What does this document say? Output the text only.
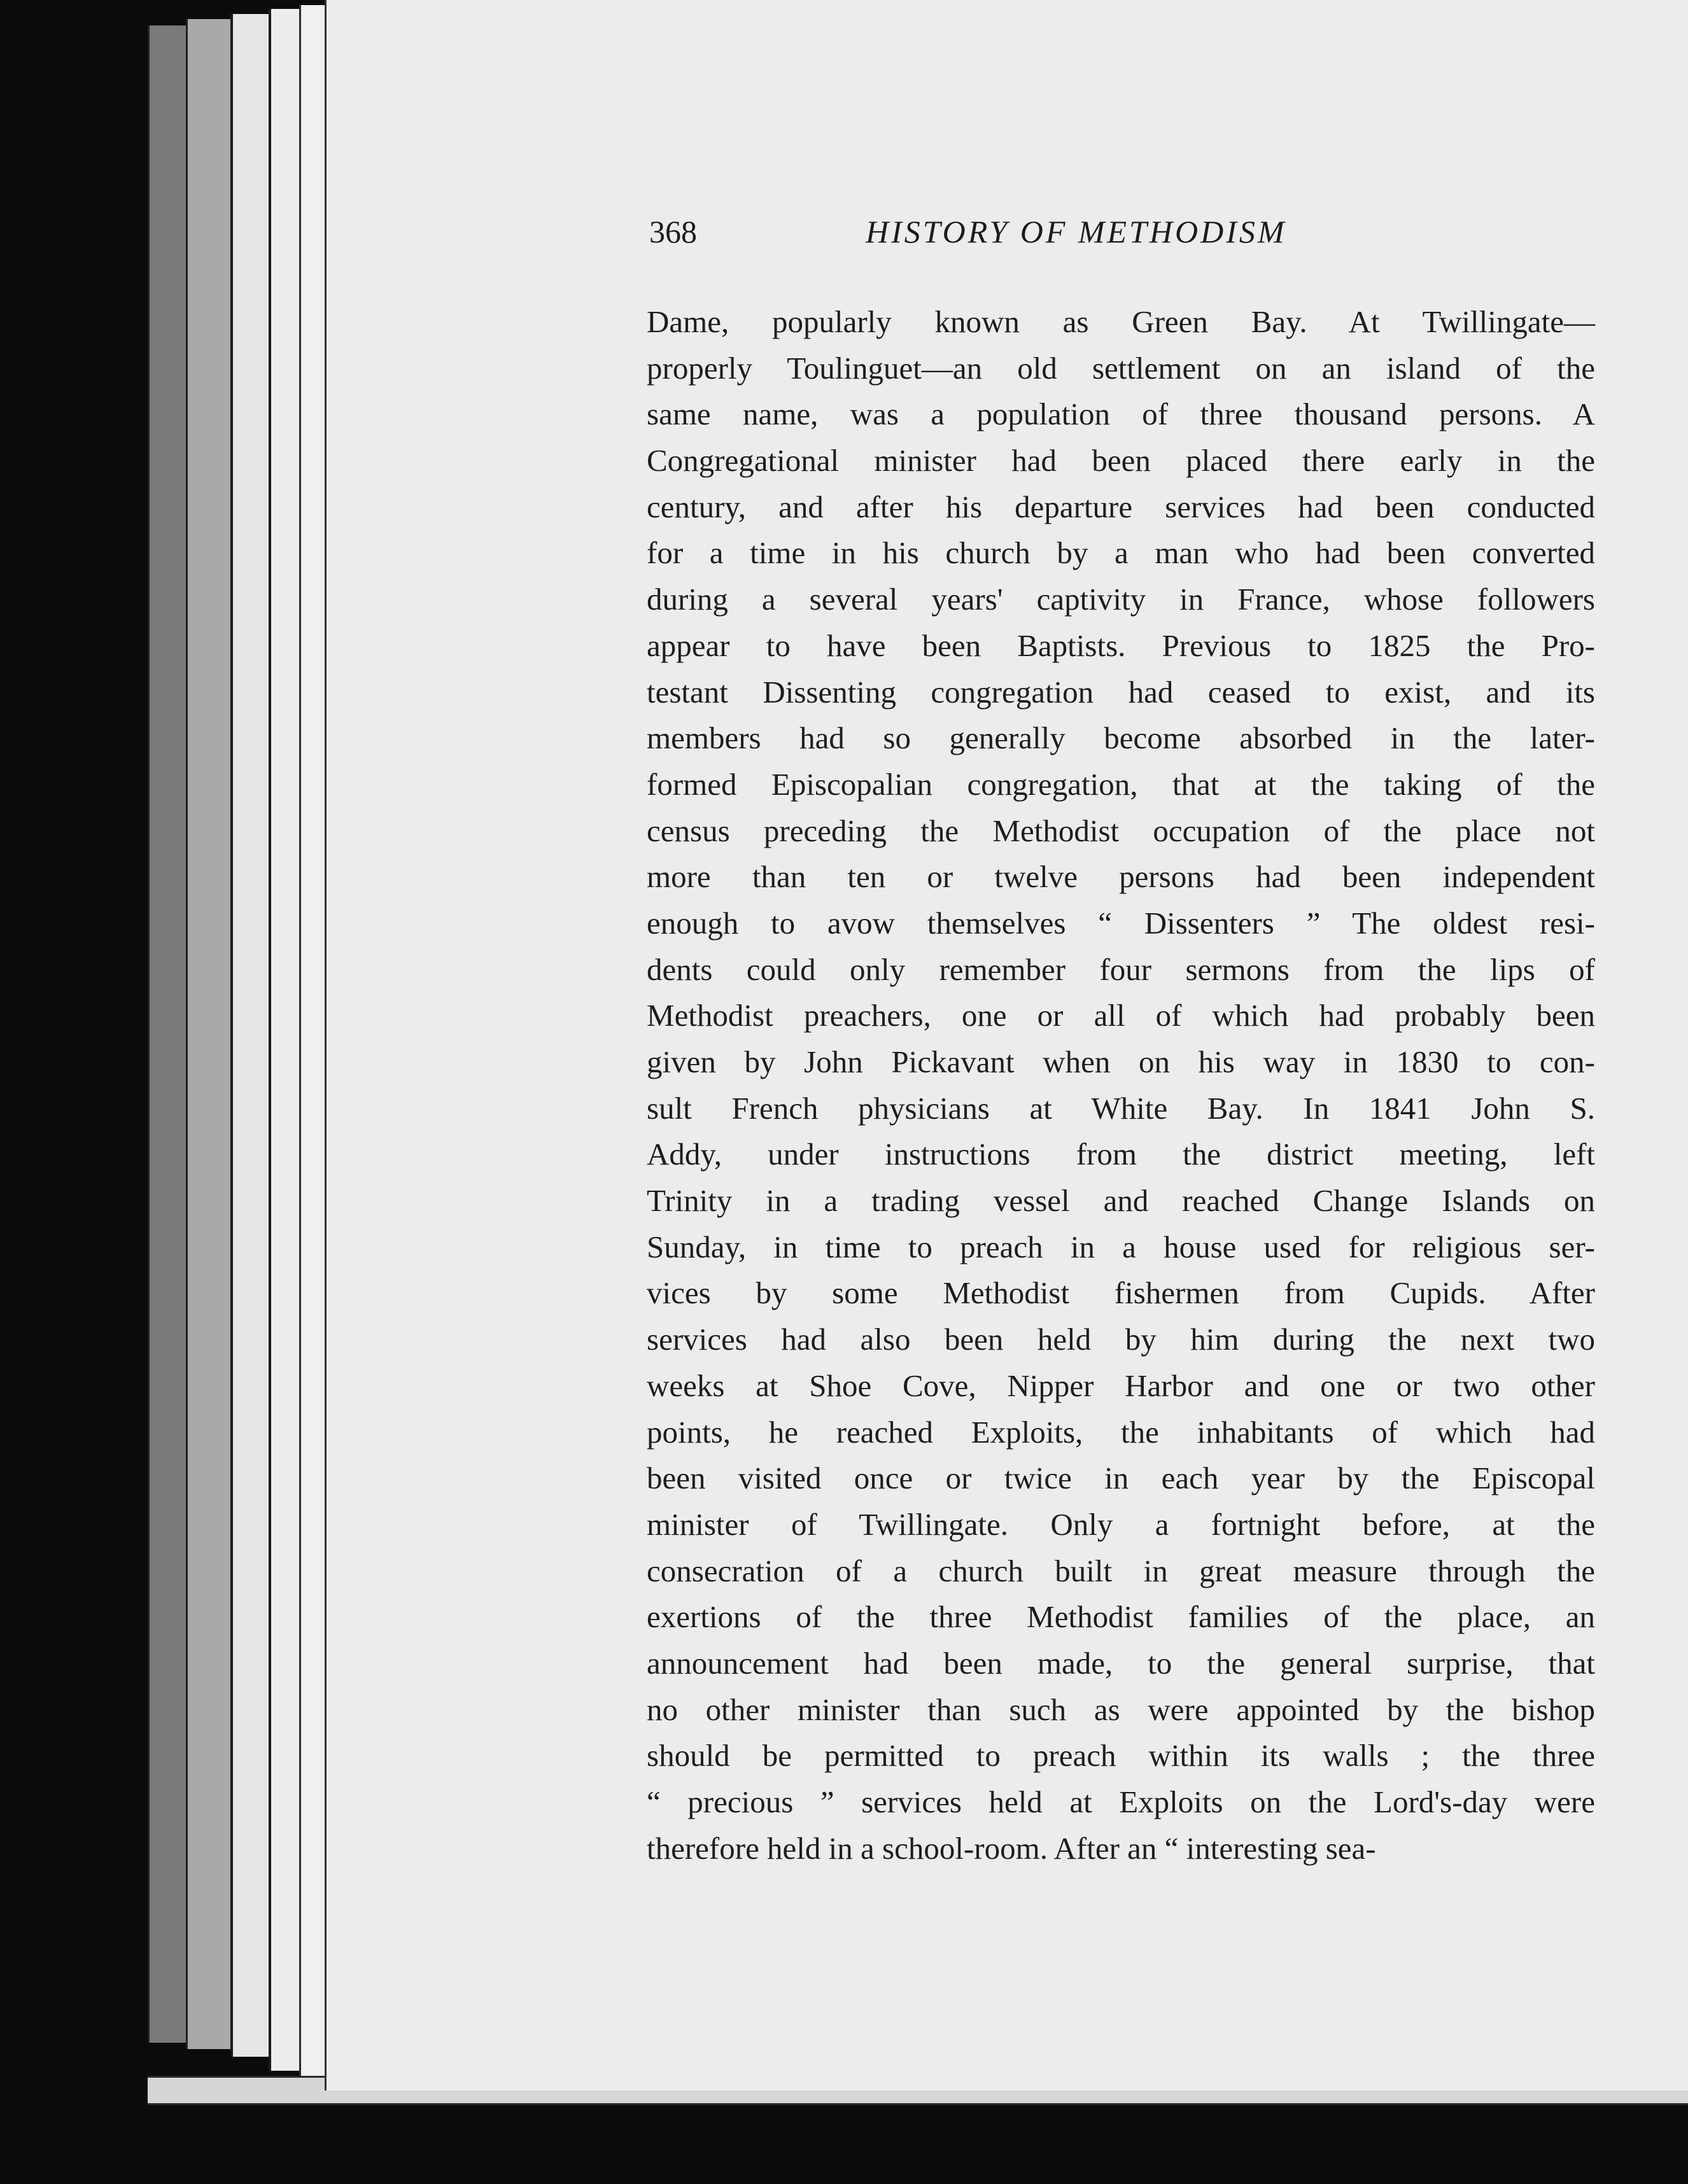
368	HISTORY OF METHODISM
Dame, popularly known as Green Bay. At Twillingate—
properly Toulinguet—an old settlement on an island of the
same name, was a population of three thousand persons. A
Congregational minister had been placed there early in the
century, and after his departure services had been conducted
for a time in his church by a man who had been converted
during a several years' captivity in France, whose followers
appear to have been Baptists. Previous to 1825 the Pro-
testant Dissenting congregation had ceased to exist, and its
members had so generally become absorbed in the later-
formed Episcopalian congregation, that at the taking of the
census preceding the Methodist occupation of the place not
more than ten or twelve persons had been independent
enough to avow themselves “ Dissenters ” The oldest resi-
dents could only remember four sermons from the lips of
Methodist preachers, one or all of which had probably been
given by John Pickavant when on his way in 1830 to con-
sult French physicians at White Bay. In 1841 John S.
Addy, under instructions from the district meeting, left
Trinity in a trading vessel and reached Change Islands on
Sunday, in time to preach in a house used for religious ser-
vices by some Methodist fishermen from Cupids. After
services had also been held by him during the next two
weeks at Shoe Cove, Nipper Harbor and one or two other
points, he reached Exploits, the inhabitants of which had
been visited once or twice in each year by the Episcopal
minister of Twillingate. Only a fortnight before, at the
consecration of a church built in great measure through the
exertions of the three Methodist families of the place, an
announcement had been made, to the general surprise, that
no other minister than such as were appointed by the bishop
should be permitted to preach within its walls ; the three
“ precious ” services held at Exploits on the Lord's-day were
therefore held in a school-room. After an “ interesting sea-
